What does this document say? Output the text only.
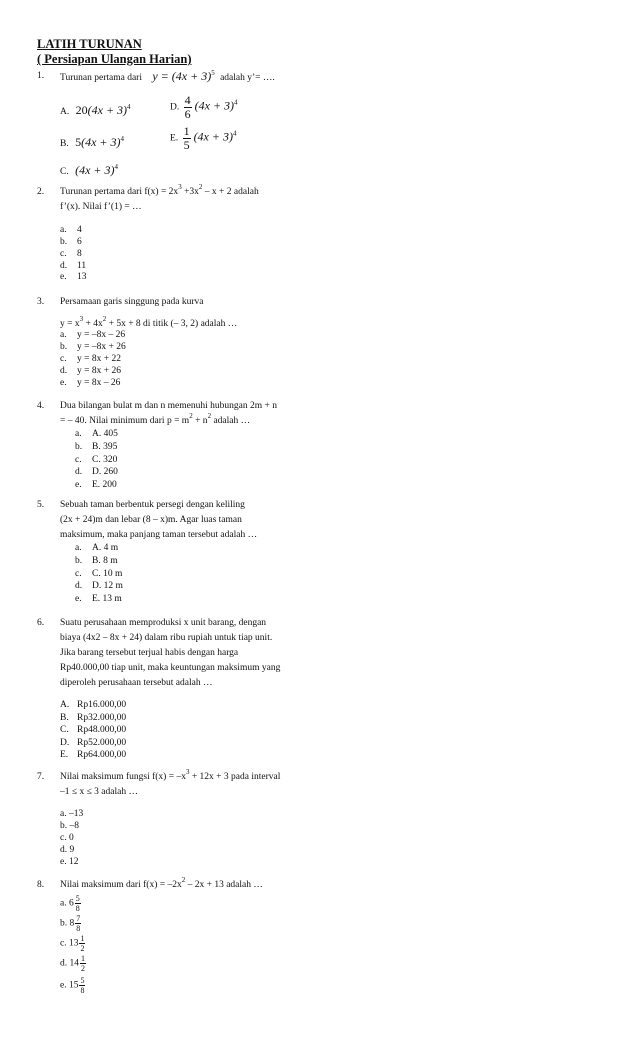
LATIH TURUNAN
( Persiapan Ulangan Harian)
1. Turunan pertama dari $y = (4x + 3)^5$ adalah y’= ….
A. $20(4x + 3)^4$	D. $\frac{4}{6} (4x + 3)^4$
B. $5(4x + 3)^4$	E. $\frac{1}{5} (4x + 3)^4$
C. $(4x + 3)^4$
2. Turunan pertama dari $f(x) = 2x^3 +3x^2 - x + 2$ adalah
f’(x). Nilai f’(1) = …
a. 4
b. 6
c. 8
d. 11
e. 13
3. Persamaan garis singgung pada kurva
$y = x^3 + 4x^2 + 5x + 8$ di titik (– 3, 2) adalah …
a. y = –8x – 26
b. y = –8x + 26
c. y = 8x + 22
d. y = 8x + 26
e. y = 8x – 26
4. Dua bilangan bulat m dan n memenuhi hubungan 2m + n
= – 40. Nilai minimum dari $p = m^2 + n^2$ adalah …
a. A. 405
b. B. 395
c. C. 320
d. D. 260
e. E. 200
5. Sebuah taman berbentuk persegi dengan keliling
(2x + 24)m dan lebar (8 – x)m. Agar luas taman
maksimum, maka panjang taman tersebut adalah …
a. A. 4 m
b. B. 8 m
c. C. 10 m
d. D. 12 m
e. E. 13 m
6. Suatu perusahaan memproduksi x unit barang, dengan
biaya (4x2 – 8x + 24) dalam ribu rupiah untuk tiap unit.
Jika barang tersebut terjual habis dengan harga
Rp40.000,00 tiap unit, maka keuntungan maksimum yang
diperoleh perusahaan tersebut adalah …
A. Rp16.000,00
B. Rp32.000,00
C. Rp48.000,00
D. Rp52.000,00
E. Rp64.000,00
7. Nilai maksimum fungsi $f(x) = -x^3 + 12x + 3$ pada interval
–1 ≤ x ≤ 3 adalah …
a. –13
b. –8
c. 0
d. 9
e. 12
8. Nilai maksimum dari $f(x) = -2x^2 - 2x + 13$ adalah …
a. $6 \frac{5}{8}$
b. $8 \frac{7}{8}$
c. $13 \frac{1}{2}$
d. $14 \frac{1}{2}$
e. $15 \frac{5}{8}$
